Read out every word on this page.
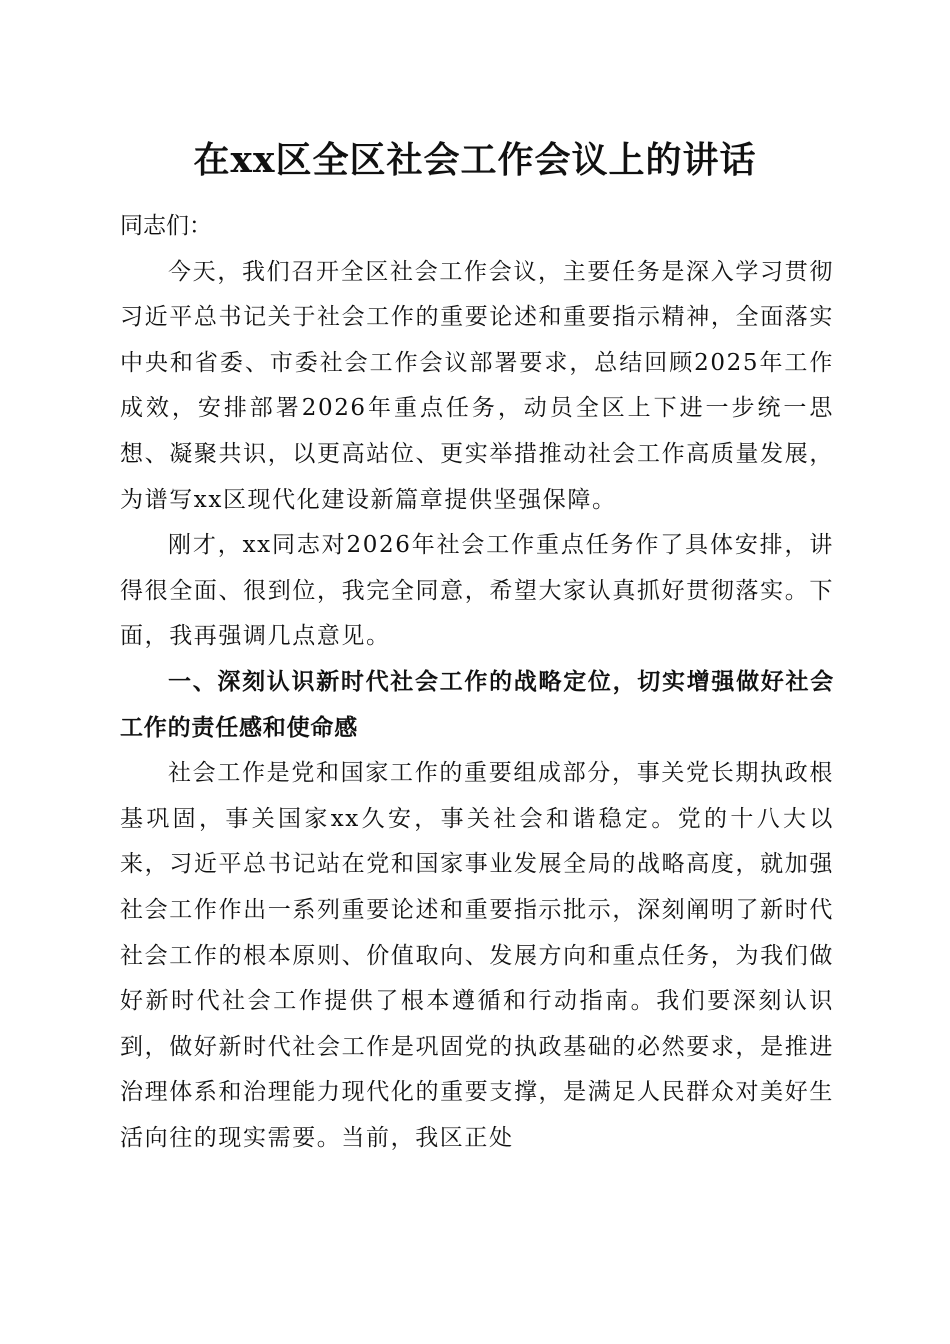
在xx区全区社会工作会议上的讲话

同志们：

今天，我们召开全区社会工作会议，主要任务是深入学习贯彻习近平总书记关于社会工作的重要论述和重要指示精神，全面落实中央和省委、市委社会工作会议部署要求，总结回顾2025年工作成效，安排部署2026年重点任务，动员全区上下进一步统一思想、凝聚共识，以更高站位、更实举措推动社会工作高质量发展，为谱写xx区现代化建设新篇章提供坚强保障。

刚才，xx同志对2026年社会工作重点任务作了具体安排，讲得很全面、很到位，我完全同意，希望大家认真抓好贯彻落实。下面，我再强调几点意见。

一、深刻认识新时代社会工作的战略定位，切实增强做好社会工作的责任感和使命感

社会工作是党和国家工作的重要组成部分，事关党长期执政根基巩固，事关国家xx久安，事关社会和谐稳定。党的十八大以来，习近平总书记站在党和国家事业发展全局的战略高度，就加强社会工作作出一系列重要论述和重要指示批示，深刻阐明了新时代社会工作的根本原则、价值取向、发展方向和重点任务，为我们做好新时代社会工作提供了根本遵循和行动指南。我们要深刻认识到，做好新时代社会工作是巩固党的执政基础的必然要求，是推进治理体系和治理能力现代化的重要支撑，是满足人民群众对美好生活向往的现实需要。当前，我区正处
